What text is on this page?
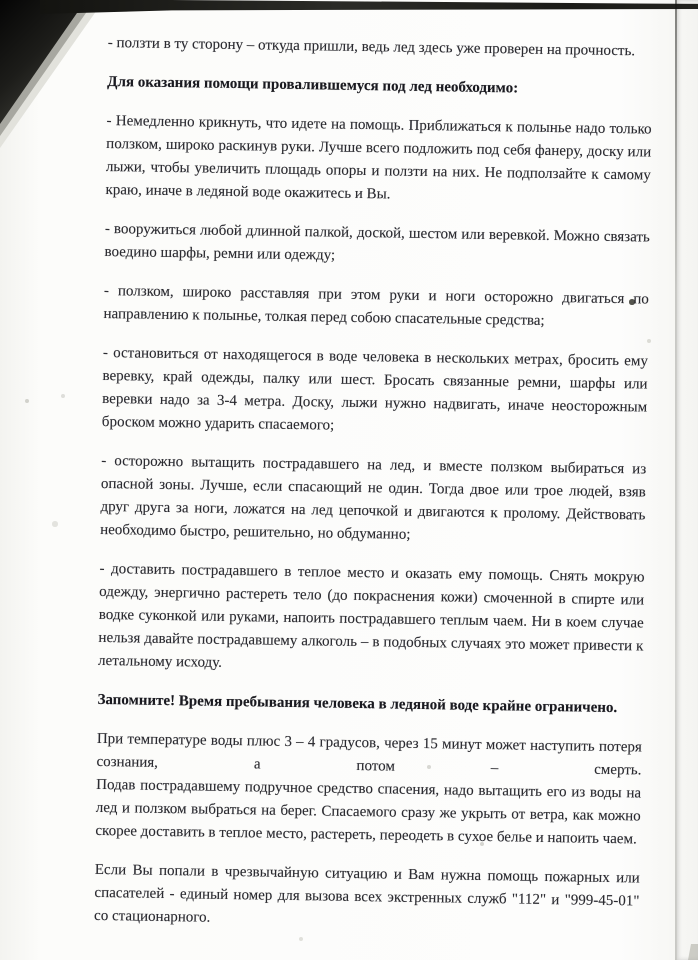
- ползти в ту сторону – откуда пришли, ведь лед здесь уже проверен на прочность.

Для оказания помощи провалившемуся под лед необходимо:

- Немедленно крикнуть, что идете на помощь. Приближаться к полынье надо только ползком, широко раскинув руки. Лучше всего подложить под себя фанеру, доску или лыжи, чтобы увеличить площадь опоры и ползти на них. Не подползайте к самому краю, иначе в ледяной воде окажитесь и Вы.

- вооружиться любой длинной палкой, доской, шестом или веревкой. Можно связать воедино шарфы, ремни или одежду;

- ползком, широко расставляя при этом руки и ноги осторожно двигаться по направлению к полынье, толкая перед собою спасательные средства;

- остановиться от находящегося в воде человека в нескольких метрах, бросить ему веревку, край одежды, палку или шест. Бросать связанные ремни, шарфы или веревки надо за 3-4 метра. Доску, лыжи нужно надвигать, иначе неосторожным броском можно ударить спасаемого;

- осторожно вытащить пострадавшего на лед, и вместе ползком выбираться из опасной зоны. Лучше, если спасающий не один. Тогда двое или трое людей, взяв друг друга за ноги, ложатся на лед цепочкой и двигаются к пролому. Действовать необходимо быстро, решительно, но обдуманно;

- доставить пострадавшего в теплое место и оказать ему помощь. Снять мокрую одежду, энергично растереть тело (до покраснения кожи) смоченной в спирте или водке суконкой или руками, напоить пострадавшего теплым чаем. Ни в коем случае нельзя давайте пострадавшему алкоголь – в подобных случаях это может привести к летальному исходу.

Запомните! Время пребывания человека в ледяной воде крайне ограничено.

При температуре воды плюс 3 – 4 градусов, через 15 минут может наступить потеря сознания, а потом – смерть.

Подав пострадавшему подручное средство спасения, надо вытащить его из воды на лед и ползком выбраться на берег. Спасаемого сразу же укрыть от ветра, как можно скорее доставить в теплое место, растереть, переодеть в сухое белье и напоить чаем.

Если Вы попали в чрезвычайную ситуацию и Вам нужна помощь пожарных или спасателей - единый номер для вызова всех экстренных служб "112" и "999-45-01" со стационарного.
